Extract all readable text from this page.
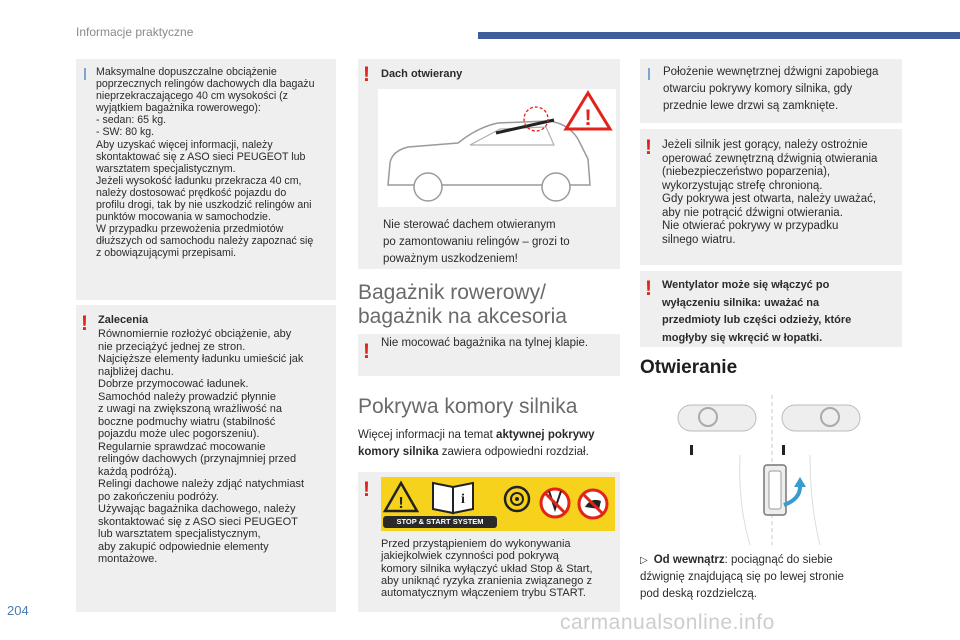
Informacje praktyczne
Maksymalne dopuszczalne obciążenie
poprzecznych relingów dachowych dla bagażu
nieprzekraczającego 40 cm wysokości (z
wyjątkiem bagażnika rowerowego):
- sedan: 65 kg.
- SW: 80 kg.
Aby uzyskać więcej informacji, należy
skontaktować się z ASO sieci PEUGEOT lub
warsztatem specjalistycznym.
Jeżeli wysokość ładunku przekracza 40 cm,
należy dostosować prędkość pojazdu do
profilu drogi, tak by nie uszkodzić relingów ani
punktów mocowania w samochodzie.
W przypadku przewożenia przedmiotów
dłuższych od samochodu należy zapoznać się
z obowiązującymi przepisami.
! Zalecenia
Równomiernie rozłożyć obciążenie, aby
nie przeciążyć jednej ze stron.
Najcięższe elementy ładunku umieścić jak
najbliżej dachu.
Dobrze przymocować ładunek.
Samochód należy prowadzić płynnie
z uwagi na zwiększoną wrażliwość na
boczne podmuchy wiatru (stabilność
pojazdu może ulec pogorszeniu).
Regularnie sprawdzać mocowanie
relingów dachowych (przynajmniej przed
każdą podróżą).
Relingi dachowe należy zdjąć natychmiast
po zakończeniu podróży.
Używając bagażnika dachowego, należy
skontaktować się z ASO sieci PEUGEOT
lub warsztatem specjalistycznym,
aby zakupić odpowiednie elementy
montażowe.
! Dach otwierany
!
Nie sterować dachem otwieranym
po zamontowaniu relingów – grozi to
poważnym uszkodzeniem!
Bagażnik rowerowy/
bagażnik na akcesoria
! Nie mocować bagażnika na tylnej klapie.
Pokrywa komory silnika
Więcej informacji na temat aktywnej pokrywy
komory silnika zawiera odpowiedni rozdział.
!
!	i
STOP & START SYSTEM
Przed przystąpieniem do wykonywania
jakiejkolwiek czynności pod pokrywą
komory silnika wyłączyć układ Stop & Start,
aby uniknąć ryzyka zranienia związanego z
automatycznym włączeniem trybu START.
Położenie wewnętrznej dźwigni zapobiega
otwarciu pokrywy komory silnika, gdy
przednie lewe drzwi są zamknięte.
! Jeżeli silnik jest gorący, należy ostrożnie
operować zewnętrzną dźwignią otwierania
(niebezpieczeństwo poparzenia),
wykorzystując strefę chronioną.
Gdy pokrywa jest otwarta, należy uważać,
aby nie potrącić dźwigni otwierania.
Nie otwierać pokrywy w przypadku
silnego wiatru.
! Wentylator może się włączyć po
wyłączeniu silnika: uważać na
przedmioty lub części odzieży, które
mogłyby się wkręcić w łopatki.
Otwieranie
▷ Od wewnątrz: pociągnąć do siebie
dźwignię znajdującą się po lewej stronie
pod deską rozdzielczą.
204
carmanualsonline.info
